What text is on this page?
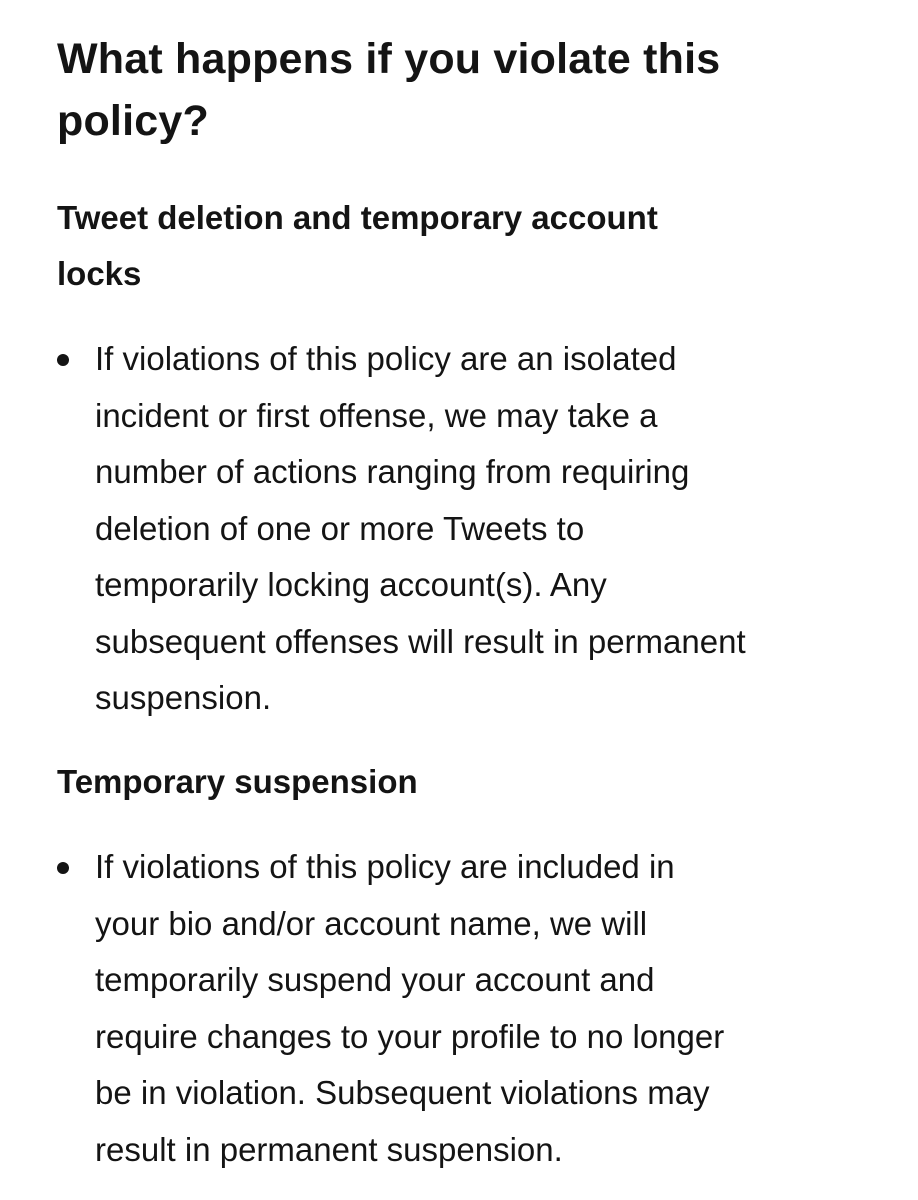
What happens if you violate this
policy?
Tweet deletion and temporary account
locks
If violations of this policy are an isolated
incident or first offense, we may take a
number of actions ranging from requiring
deletion of one or more Tweets to
temporarily locking account(s). Any
subsequent offenses will result in permanent
suspension.
Temporary suspension
If violations of this policy are included in
your bio and/or account name, we will
temporarily suspend your account and
require changes to your profile to no longer
be in violation. Subsequent violations may
result in permanent suspension.
